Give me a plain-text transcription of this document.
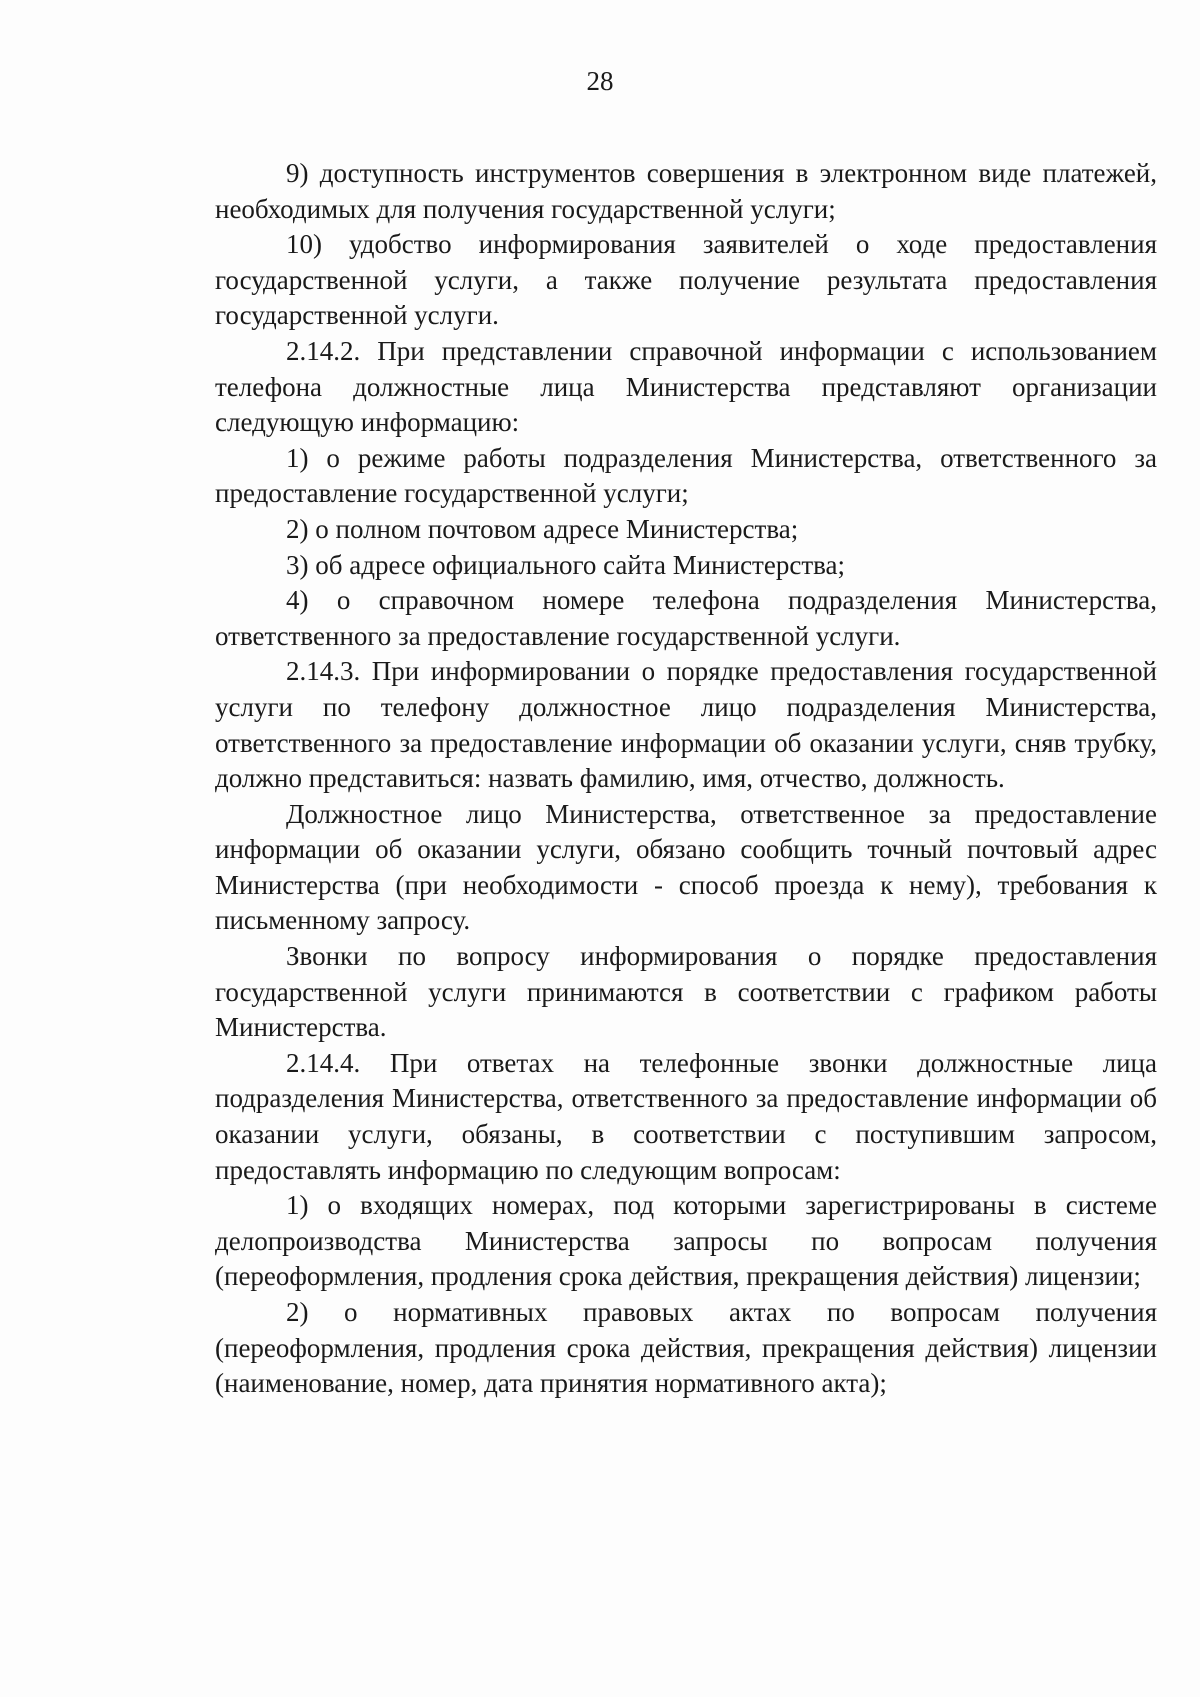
28

9) доступность инструментов совершения в электронном виде платежей, необходимых для получения государственной услуги;

10) удобство информирования заявителей о ходе предоставления государственной услуги, а также получение результата предоставления государственной услуги.

2.14.2. При представлении справочной информации с использованием телефона должностные лица Министерства представляют организации следующую информацию:

1) о режиме работы подразделения Министерства, ответственного за предоставление государственной услуги;

2) о полном почтовом адресе Министерства;

3) об адресе официального сайта Министерства;

4) о справочном номере телефона подразделения Министерства, ответственного за предоставление государственной услуги.

2.14.3. При информировании о порядке предоставления государственной услуги по телефону должностное лицо подразделения Министерства, ответственного за предоставление информации об оказании услуги, сняв трубку, должно представиться: назвать фамилию, имя, отчество, должность.

Должностное лицо Министерства, ответственное за предоставление информации об оказании услуги, обязано сообщить точный почтовый адрес Министерства (при необходимости - способ проезда к нему), требования к письменному запросу.

Звонки по вопросу информирования о порядке предоставления государственной услуги принимаются в соответствии с графиком работы Министерства.

2.14.4. При ответах на телефонные звонки должностные лица подразделения Министерства, ответственного за предоставление информации об оказании услуги, обязаны, в соответствии с поступившим запросом, предоставлять информацию по следующим вопросам:

1) о входящих номерах, под которыми зарегистрированы в системе делопроизводства Министерства запросы по вопросам получения (переоформления, продления срока действия, прекращения действия) лицензии;

2) о нормативных правовых актах по вопросам получения (переоформления, продления срока действия, прекращения действия) лицензии (наименование, номер, дата принятия нормативного акта);
